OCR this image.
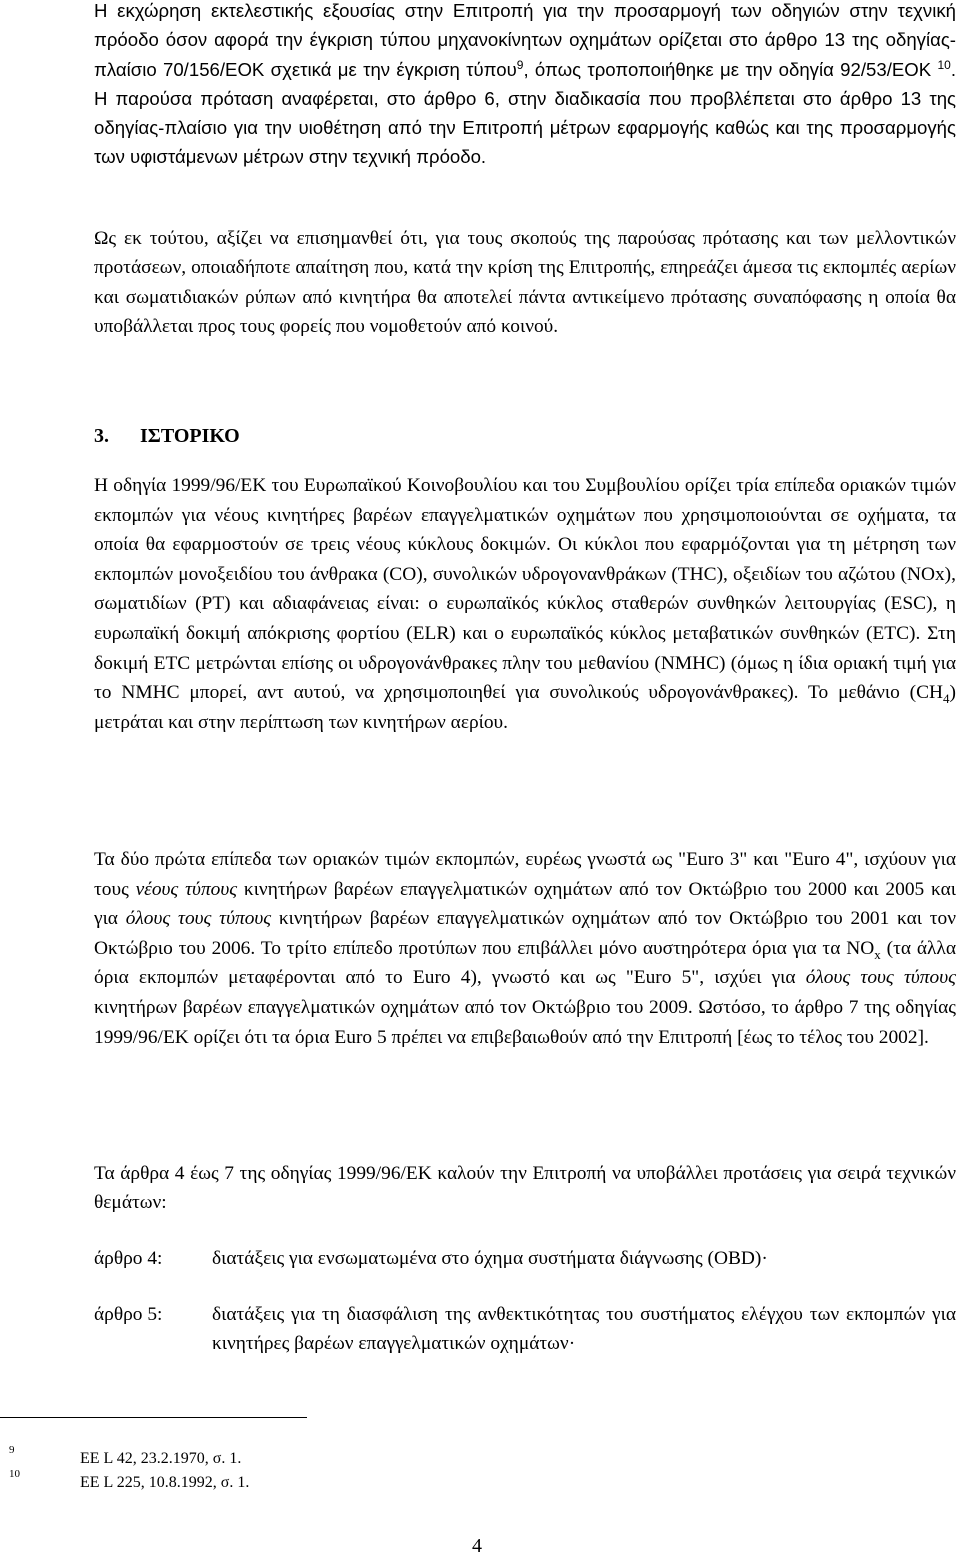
Η εκχώρηση εκτελεστικής εξουσίας στην Επιτροπή για την προσαρμογή των οδηγιών στην τεχνική πρόοδο όσον αφορά την έγκριση τύπου μηχανοκίνητων οχημάτων ορίζεται στο άρθρο 13 της οδηγίας-πλαίσιο 70/156/ΕΟΚ σχετικά με την έγκριση τύπου$^9$, όπως τροποποιήθηκε με την οδηγία 92/53/ΕΟΚ $^{10}$. Η παρούσα πρόταση αναφέρεται, στο άρθρο 6, στην διαδικασία που προβλέπεται στο άρθρο 13 της οδηγίας-πλαίσιο για την υιοθέτηση από την Επιτροπή μέτρων εφαρμογής καθώς και της προσαρμογής των υφιστάμενων μέτρων στην τεχνική πρόοδο.

Ως εκ τούτου, αξίζει να επισημανθεί ότι, για τους σκοπούς της παρούσας πρότασης και των μελλοντικών προτάσεων, οποιαδήποτε απαίτηση που, κατά την κρίση της Επιτροπής, επηρεάζει άμεσα τις εκπομπές αερίων και σωματιδιακών ρύπων από κινητήρα θα αποτελεί πάντα αντικείμενο πρότασης συναπόφασης η οποία θα υποβάλλεται προς τους φορείς που νομοθετούν από κοινού.

3. ΙΣΤΟΡΙΚΟ

Η οδηγία 1999/96/ΕΚ του Ευρωπαϊκού Κοινοβουλίου και του Συμβουλίου ορίζει τρία επίπεδα οριακών τιμών εκπομπών για νέους κινητήρες βαρέων επαγγελματικών οχημάτων που χρησιμοποιούνται σε οχήματα, τα οποία θα εφαρμοστούν σε τρεις νέους κύκλους δοκιμών. Οι κύκλοι που εφαρμόζονται για τη μέτρηση των εκπομπών μονοξειδίου του άνθρακα (CO), συνολικών υδρογονανθράκων (THC), οξειδίων του αζώτου (NOx), σωματιδίων (PT) και αδιαφάνειας είναι: ο ευρωπαϊκός κύκλος σταθερών συνθηκών λειτουργίας (ESC), η ευρωπαϊκή δοκιμή απόκρισης φορτίου (ELR) και ο ευρωπαϊκός κύκλος μεταβατικών συνθηκών (ETC). Στη δοκιμή ETC μετρώνται επίσης οι υδρογονάνθρακες πλην του μεθανίου (NMHC) (όμως η ίδια οριακή τιμή για το NMHC μπορεί, αντ αυτού, να χρησιμοποιηθεί για συνολικούς υδρογονάνθρακες). Το μεθάνιο $(CH_4)$ μετράται και στην περίπτωση των κινητήρων αερίου.

Τα δύο πρώτα επίπεδα των οριακών τιμών εκπομπών, ευρέως γνωστά ως "Euro 3" και "Euro 4", ισχύουν για τους νέους τύπους κινητήρων βαρέων επαγγελματικών οχημάτων από τον Οκτώβριο του 2000 και 2005 και για όλους τους τύπους κινητήρων βαρέων επαγγελματικών οχημάτων από τον Οκτώβριο του 2001 και τον Οκτώβριο του 2006. Το τρίτο επίπεδο προτύπων που επιβάλλει μόνο αυστηρότερα όρια για τα $NO_x$ (τα άλλα όρια εκπομπών μεταφέρονται από το Euro 4), γνωστό και ως "Euro 5", ισχύει για όλους τους τύπους κινητήρων βαρέων επαγγελματικών οχημάτων από τον Οκτώβριο του 2009. Ωστόσο, το άρθρο 7 της οδηγίας 1999/96/ΕΚ ορίζει ότι τα όρια Euro 5 πρέπει να επιβεβαιωθούν από την Επιτροπή [έως το τέλος του 2002].

Τα άρθρα 4 έως 7 της οδηγίας 1999/96/ΕΚ καλούν την Επιτροπή να υποβάλλει προτάσεις για σειρά τεχνικών θεμάτων:

άρθρο 4:	διατάξεις για ενσωματωμένα στο όχημα συστήματα διάγνωσης (OBD)·
άρθρο 5:	διατάξεις για τη διασφάλιση της ανθεκτικότητας του συστήματος ελέγχου των εκπομπών για κινητήρες βαρέων επαγγελματικών οχημάτων·
9	ΕΕ L 42, 23.2.1970, σ. 1.
10	ΕΕ L 225, 10.8.1992, σ. 1.
4
